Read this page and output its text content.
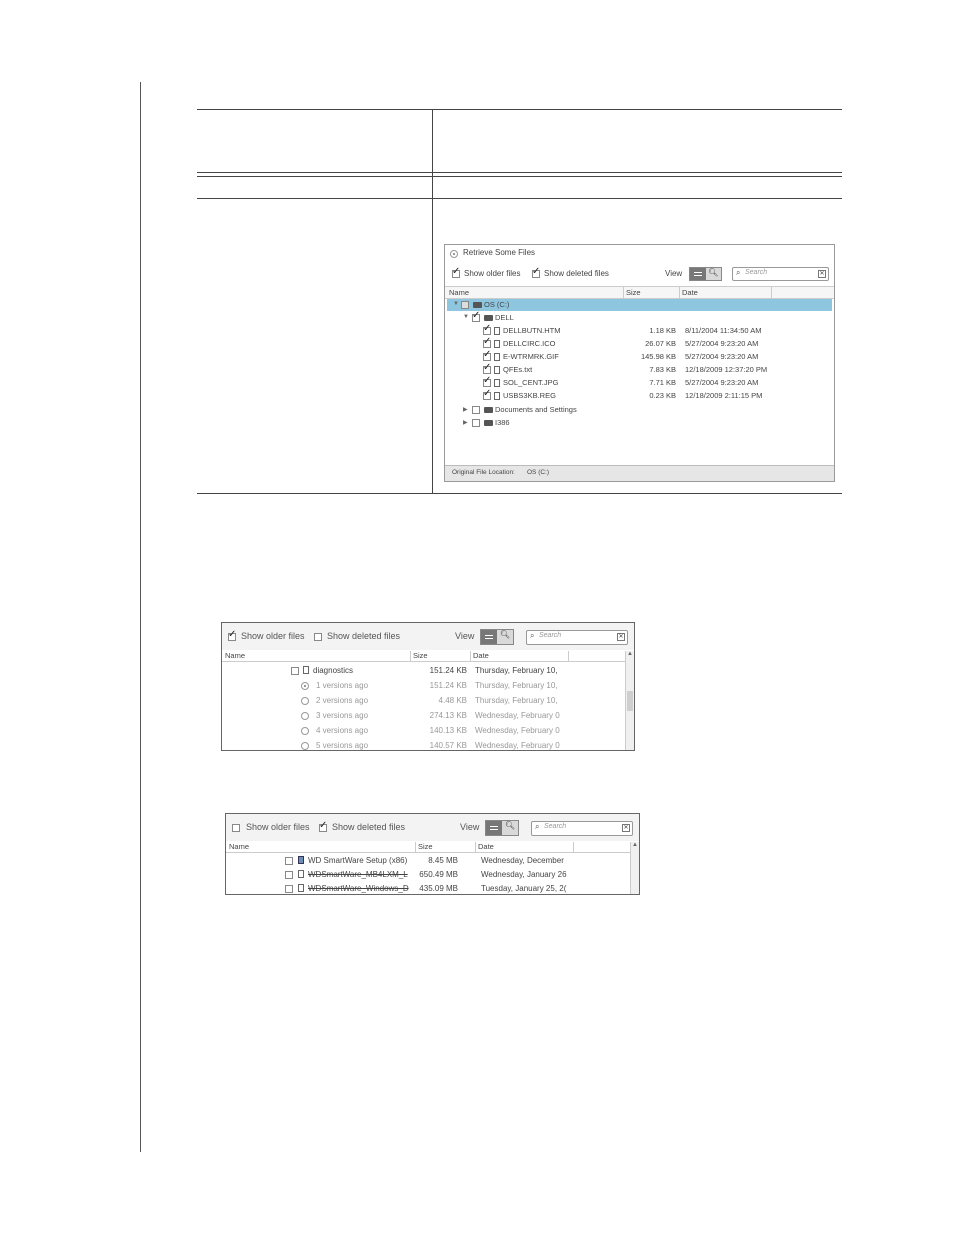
Retrieve Some Files
✓
Show older files ✓	Show deleted files	View	🔍︎	⌕ Search	✕
Name	Size	Date
▼	OS (C:)
▼ ✓	DELL
✓
DELLBUTN.HTM	1.18 KB 8/11/2004 11:34:50 AM
✓
DELLCIRC.ICO	26.07 KB 5/27/2004 9:23:20 AM
✓
E-WTRMRK.GIF	145.98 KB 5/27/2004 9:23:20 AM
✓
QFEs.txt	7.83 KB 12/18/2009 12:37:20 PM
✓
SOL_CENT.JPG	7.71 KB 5/27/2004 9:23:20 AM
✓
USBS3KB.REG	0.23 KB 12/18/2009 2:11:15 PM
▶	Documents and Settings
▶	I386
Original File Location: OS (C:)
✓
Show older files Show deleted files	View	🔍︎	⌕ Search	✕
Name	Size	Date	▲
diagnostics	151.24 KB Thursday, February 10,
1 versions ago	151.24 KB Thursday, February 10,
2 versions ago	4.48 KB Thursday, February 10,
3 versions ago	274.13 KB Wednesday, February 0
4 versions ago	140.13 KB Wednesday, February 0
5 versions ago	140.57 KB Wednesday, February 0
Show older files ✓ Show deleted files	View	🔍︎	⌕ Search	✕
Name	Size	Date	▲
WD SmartWare Setup (x86)	8.45 MB	Wednesday, December
WDSmartWare_MB4LXM_L 650.49 MB	Wednesday, January 26
WDSmartWare_Windows_D 435.09 MB	Tuesday, January 25, 2(
